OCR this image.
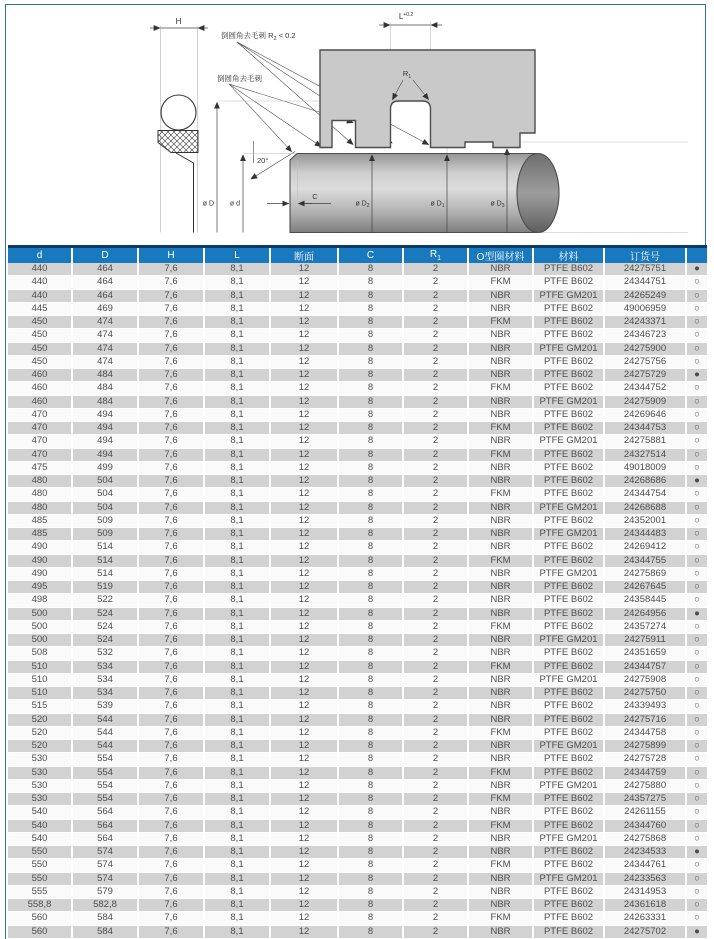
H
倒圆角去毛刺 $R_2 < 0.2$
倒圆角去毛刺
20°
$L^{+0.2}$
$R_1$
C
ø D ø d	ø $D_2$	ø $D_1$	ø $D_3$
d	D	H	L	断面	C	$R_1$	O型圈材料	材料	订货号	
440	464	7,6	8,1	12	8	2	NBR	PTFE B602	24275751	●
440	464	7,6	8,1	12	8	2	FKM	PTFE B602	24344751	○
440	464	7,6	8,1	12	8	2	NBR	PTFE GM201	24265249	○
445	469	7,6	8,1	12	8	2	NBR	PTFE B602	49006959	○
450	474	7,6	8,1	12	8	2	FKM	PTFE B602	24243371	○
450	474	7,6	8,1	12	8	2	NBR	PTFE B602	24346723	○
450	474	7,6	8,1	12	8	2	NBR	PTFE GM201	24275900	○
450	474	7,6	8,1	12	8	2	NBR	PTFE B602	24275756	○
460	484	7,6	8,1	12	8	2	NBR	PTFE B602	24275729	●
460	484	7,6	8,1	12	8	2	FKM	PTFE B602	24344752	○
460	484	7,6	8,1	12	8	2	NBR	PTFE GM201	24275909	○
470	494	7,6	8,1	12	8	2	NBR	PTFE B602	24269646	○
470	494	7,6	8,1	12	8	2	FKM	PTFE B602	24344753	○
470	494	7,6	8,1	12	8	2	NBR	PTFE GM201	24275881	○
470	494	7,6	8,1	12	8	2	FKM	PTFE B602	24327514	○
475	499	7,6	8,1	12	8	2	NBR	PTFE B602	49018009	○
480	504	7,6	8,1	12	8	2	NBR	PTFE B602	24268686	●
480	504	7,6	8,1	12	8	2	FKM	PTFE B602	24344754	○
480	504	7,6	8,1	12	8	2	NBR	PTFE GM201	24268688	○
485	509	7,6	8,1	12	8	2	NBR	PTFE B602	24352001	○
485	509	7,6	8,1	12	8	2	NBR	PTFE GM201	24344483	○
490	514	7,6	8,1	12	8	2	NBR	PTFE B602	24269412	○
490	514	7,6	8,1	12	8	2	FKM	PTFE B602	24344755	○
490	514	7,6	8,1	12	8	2	NBR	PTFE GM201	24275869	○
495	519	7,6	8,1	12	8	2	NBR	PTFE B602	24267645	○
498	522	7,6	8,1	12	8	2	NBR	PTFE B602	24358445	○
500	524	7,6	8,1	12	8	2	NBR	PTFE B602	24264956	●
500	524	7,6	8,1	12	8	2	FKM	PTFE B602	24357274	○
500	524	7,6	8,1	12	8	2	NBR	PTFE GM201	24275911	○
508	532	7,6	8,1	12	8	2	NBR	PTFE B602	24351659	○
510	534	7,6	8,1	12	8	2	FKM	PTFE B602	24344757	○
510	534	7,6	8,1	12	8	2	NBR	PTFE GM201	24275908	○
510	534	7,6	8,1	12	8	2	NBR	PTFE B602	24275750	○
515	539	7,6	8,1	12	8	2	NBR	PTFE B602	24339493	○
520	544	7,6	8,1	12	8	2	NBR	PTFE B602	24275716	○
520	544	7,6	8,1	12	8	2	FKM	PTFE B602	24344758	○
520	544	7,6	8,1	12	8	2	NBR	PTFE GM201	24275899	○
530	554	7,6	8,1	12	8	2	NBR	PTFE B602	24275728	○
530	554	7,6	8,1	12	8	2	FKM	PTFE B602	24344759	○
530	554	7,6	8,1	12	8	2	NBR	PTFE GM201	24275880	○
530	554	7,6	8,1	12	8	2	FKM	PTFE B602	24357275	○
540	564	7,6	8,1	12	8	2	NBR	PTFE B602	24261155	○
540	564	7,6	8,1	12	8	2	FKM	PTFE B602	24344760	○
540	564	7,6	8,1	12	8	2	NBR	PTFE GM201	24275868	○
550	574	7,6	8,1	12	8	2	NBR	PTFE B602	24234533	●
550	574	7,6	8,1	12	8	2	FKM	PTFE B602	24344761	○
550	574	7,6	8,1	12	8	2	NBR	PTFE GM201	24233563	○
555	579	7,6	8,1	12	8	2	NBR	PTFE B602	24314953	○
558,8	582,8	7,6	8,1	12	8	2	NBR	PTFE B602	24361618	○
560	584	7,6	8,1	12	8	2	FKM	PTFE B602	24263331	○
560	584	7,6	8,1	12	8	2	NBR	PTFE B602	24275702	●
